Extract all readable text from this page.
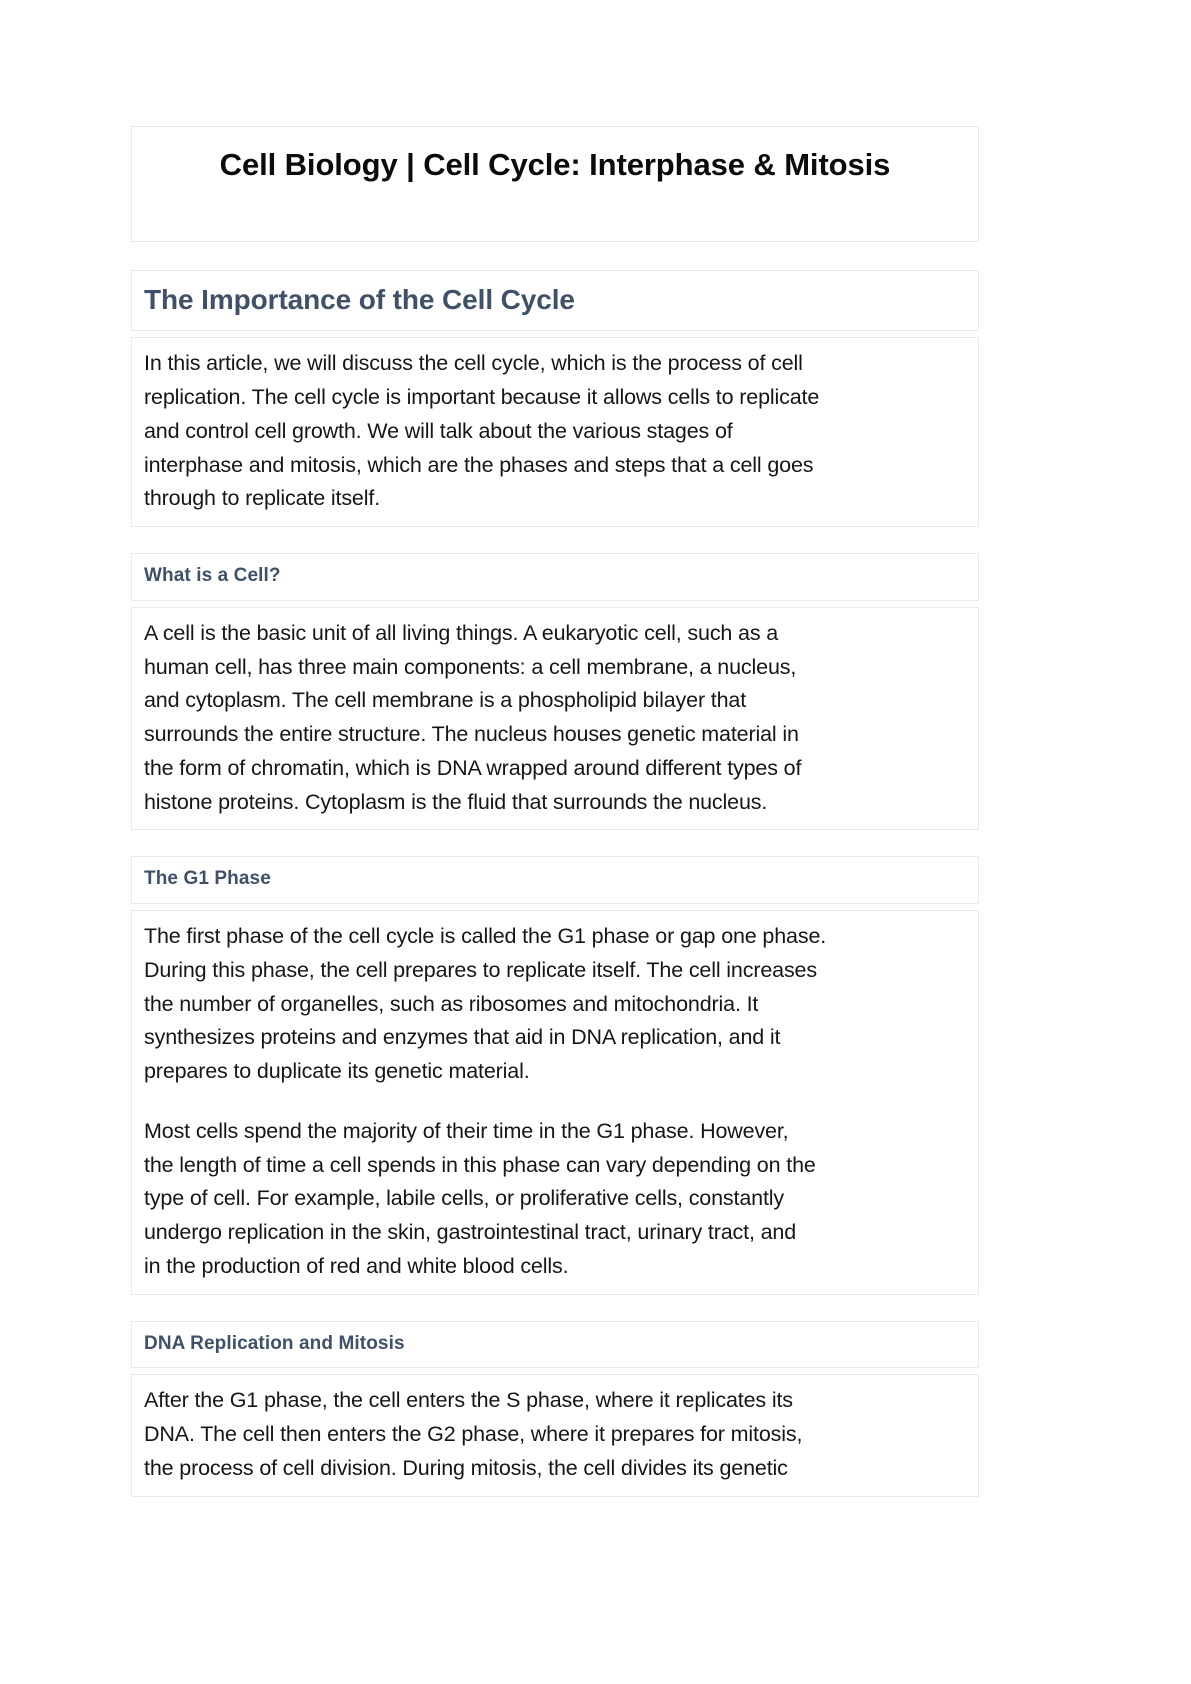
Cell Biology | Cell Cycle: Interphase & Mitosis
The Importance of the Cell Cycle
In this article, we will discuss the cell cycle, which is the process of cell
replication. The cell cycle is important because it allows cells to replicate
and control cell growth. We will talk about the various stages of
interphase and mitosis, which are the phases and steps that a cell goes
through to replicate itself.
What is a Cell?
A cell is the basic unit of all living things. A eukaryotic cell, such as a
human cell, has three main components: a cell membrane, a nucleus,
and cytoplasm. The cell membrane is a phospholipid bilayer that
surrounds the entire structure. The nucleus houses genetic material in
the form of chromatin, which is DNA wrapped around different types of
histone proteins. Cytoplasm is the fluid that surrounds the nucleus.
The G1 Phase
The first phase of the cell cycle is called the G1 phase or gap one phase.
During this phase, the cell prepares to replicate itself. The cell increases
the number of organelles, such as ribosomes and mitochondria. It
synthesizes proteins and enzymes that aid in DNA replication, and it
prepares to duplicate its genetic material.
Most cells spend the majority of their time in the G1 phase. However,
the length of time a cell spends in this phase can vary depending on the
type of cell. For example, labile cells, or proliferative cells, constantly
undergo replication in the skin, gastrointestinal tract, urinary tract, and
in the production of red and white blood cells.
DNA Replication and Mitosis
After the G1 phase, the cell enters the S phase, where it replicates its
DNA. The cell then enters the G2 phase, where it prepares for mitosis,
the process of cell division. During mitosis, the cell divides its genetic
